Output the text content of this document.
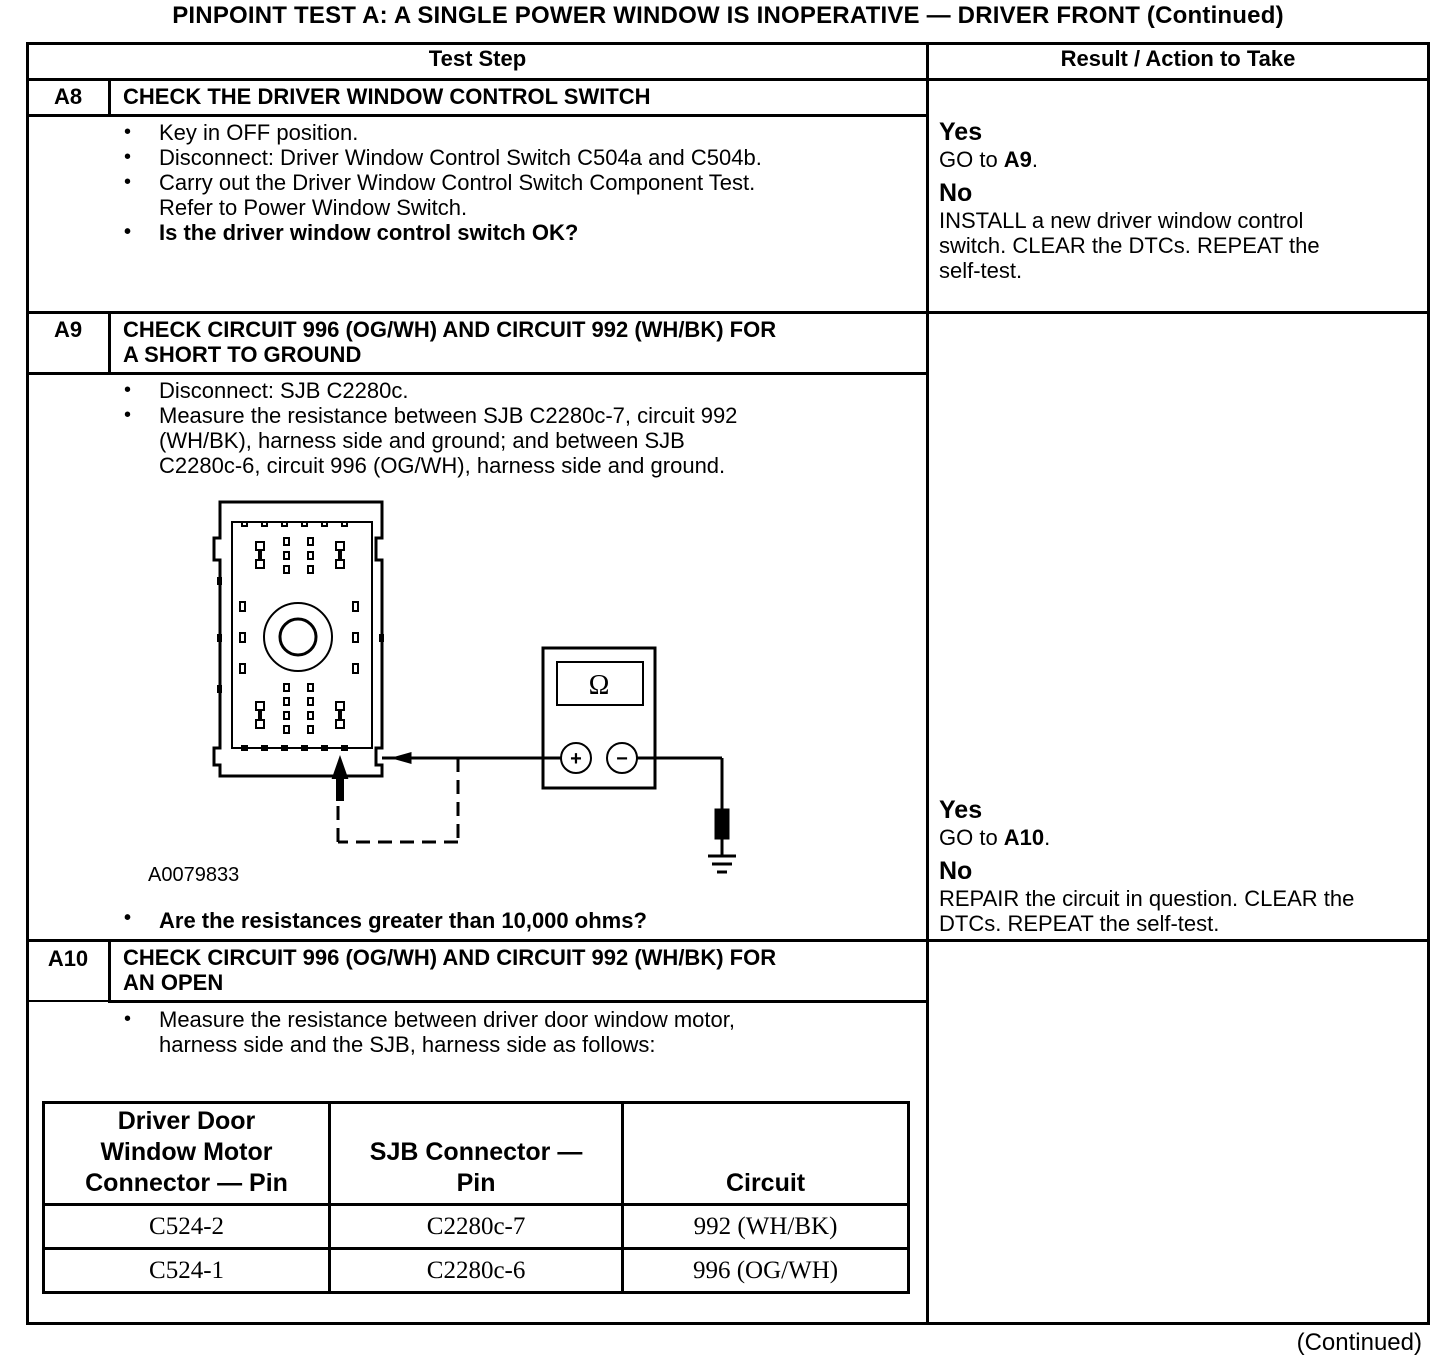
PINPOINT TEST A: A SINGLE POWER WINDOW IS INOPERATIVE — DRIVER FRONT (Continued)
Test Step	Result / Action to Take
A8	CHECK THE DRIVER WINDOW CONTROL SWITCH
• Key in OFF position.
• Disconnect: Driver Window Control Switch C504a and C504b.
• Carry out the Driver Window Control Switch Component Test.
Refer to Power Window Switch.
• Is the driver window control switch OK?
Yes
GO to A9.
No
INSTALL a new driver window control
switch. CLEAR the DTCs. REPEAT the
self-test.
A9	CHECK CIRCUIT 996 (OG/WH) AND CIRCUIT 992 (WH/BK) FOR
A SHORT TO GROUND
• Disconnect: SJB C2280c.
• Measure the resistance between SJB C2280c-7, circuit 992
(WH/BK), harness side and ground; and between SJB
C2280c-6, circuit 996 (OG/WH), harness side and ground.
Ω
+ −
A0079833
• Are the resistances greater than 10,000 ohms?
Yes
GO to A10.
No
REPAIR the circuit in question. CLEAR the
DTCs. REPEAT the self-test.
A10	CHECK CIRCUIT 996 (OG/WH) AND CIRCUIT 992 (WH/BK) FOR
AN OPEN
• Measure the resistance between driver door window motor,
harness side and the SJB, harness side as follows:
Driver Door
Window Motor
Connector — Pin	SJB Connector —
Pin	Circuit
C524-2	C2280c-7	992 (WH/BK)
C524-1	C2280c-6	996 (OG/WH)
(Continued)
